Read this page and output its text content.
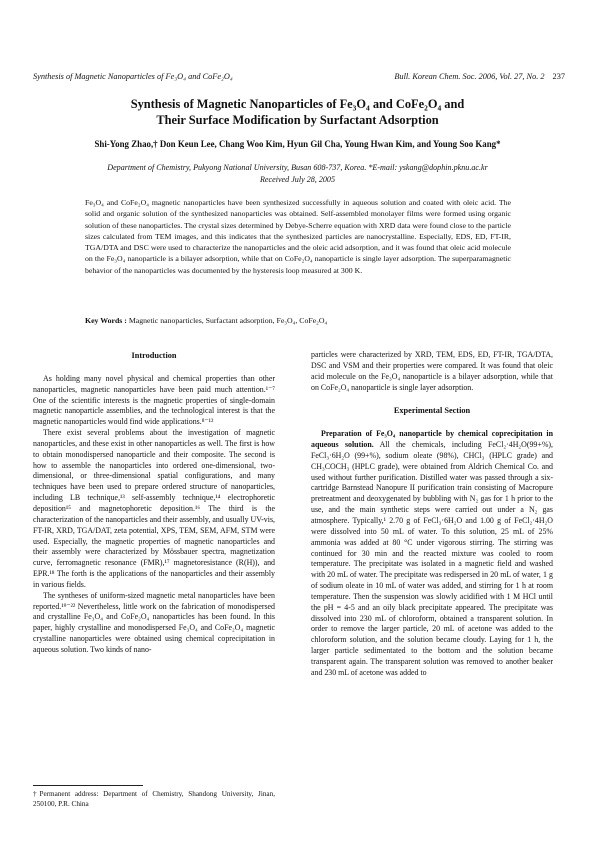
Synthesis of Magnetic Nanoparticles of Fe₃O₄ and CoFe₂O₄	Bull. Korean Chem. Soc. 2006, Vol. 27, No. 2 237
Synthesis of Magnetic Nanoparticles of Fe₃O₄ and CoFe₂O₄ and
Their Surface Modification by Surfactant Adsorption
Shi-Yong Zhao,† Don Keun Lee, Chang Woo Kim, Hyun Gil Cha, Young Hwan Kim, and Young Soo Kang*
Department of Chemistry, Pukyong National University, Busan 608-737, Korea. *E-mail: yskang@dophin.pknu.ac.kr
Received July 28, 2005
Fe₃O₄ and CoFe₂O₄ magnetic nanoparticles have been synthesized successfully in aqueous solution and coated with oleic acid. The solid and organic solution of the synthesized nanoparticles was obtained. Self-assembled monolayer films were formed using organic solution of these nanoparticles. The crystal sizes determined by Debye-Scherre equation with XRD data were found close to the particle sizes calculated from TEM images, and this indicates that the synthesized particles are nanocrystalline. Especially, EDS, ED, FT-IR, TGA/DTA and DSC were used to characterize the nanoparticles and the oleic acid adsorption, and it was found that oleic acid molecule on the Fe₃O₄ nanoparticle is a bilayer adsorption, while that on CoFe₂O₄ nanoparticle is single layer adsorption. The superparamagnetic behavior of the nanoparticles was documented by the hysteresis loop measured at 300 K.
Key Words : Magnetic nanoparticles, Surfactant adsorption, Fe₃O₄, CoFe₂O₄
Introduction

As holding many novel physical and chemical properties than other nanoparticles, magnetic nanoparticles have been paid much attention.¹⁻⁷ One of the scientific interests is the magnetic properties of single-domain magnetic nanoparticle assemblies, and the technological interest is that the magnetic nanoparticles would find wide applications.⁸⁻¹²

There exist several problems about the investigation of magnetic nanoparticles, and these exist in other nanoparticles as well. The first is how to obtain monodispersed nanoparticle and their composite. The second is how to assemble the nanoparticles into ordered one-dimensional, two-dimensional, or three-dimensional spatial configurations, and many techniques have been used to prepare ordered structure of nanoparticles, including LB technique,¹³ self-assembly technique,¹⁴ electrophoretic deposition¹⁵ and magnetophoretic deposition.¹⁶ The third is the characterization of the nanoparticles and their assembly, and usually UV-vis, FT-IR, XRD, TGA/DAT, zeta potential, XPS, TEM, SEM, AFM, STM were used. Especially, the magnetic properties of magnetic nanoparticles and their assembly were characterized by Mössbauer spectra, magnetization curve, ferromagnetic resonance (FMR),¹⁷ magnetoresistance (R(H)), and EPR.¹⁸ The forth is the applications of the nanoparticles and their assembly in various fields.

The syntheses of uniform-sized magnetic metal nanoparticles have been reported.¹⁹⁻²² Nevertheless, little work on the fabrication of monodispersed and crystalline Fe₃O₄ and CoFe₂O₄ nanoparticles has been found. In this paper, highly crystalline and monodispersed Fe₃O₄ and CoFe₂O₄ magnetic crystalline nanoparticles were obtained using chemical coprecipitation in aqueous solution. Two kinds of nano-

particles were characterized by XRD, TEM, EDS, ED, FT-IR, TGA/DTA, DSC and VSM and their properties were compared. It was found that oleic acid molecule on the Fe₃O₄ nanoparticle is a bilayer adsorption, while that on CoFe₂O₄ nanoparticle is single layer adsorption.

Experimental Section

Preparation of Fe₃O₄ nanoparticle by chemical coprecipitation in aqueous solution. All the chemicals, including FeCl₂·4H₂O(99+%), FeCl₃·6H₂O (99+%), sodium oleate (98%), CHCl₃ (HPLC grade) and CH₃COCH₃ (HPLC grade), were obtained from Aldrich Chemical Co. and used without further purification. Distilled water was passed through a six-cartridge Barnstead Nanopure II purification train consisting of Macropure pretreatment and deoxygenated by bubbling with N₂ gas for 1 h prior to the use, and the main synthetic steps were carried out under a N₂ gas atmosphere. Typically,¹ 2.70 g of FeCl₃·6H₂O and 1.00 g of FeCl₂·4H₂O were dissolved into 50 mL of water. To this solution, 25 mL of 25% ammonia was added at 80 °C under vigorous stirring. The stirring was continued for 30 min and the reacted mixture was cooled to room temperature. The precipitate was isolated in a magnetic field and washed with 20 mL of water. The precipitate was redispersed in 20 mL of water, 1 g of sodium oleate in 10 mL of water was added, and stirring for 1 h at room temperature. Then the suspension was slowly acidified with 1 M HCl until the pH = 4-5 and an oily black precipitate appeared. The precipitate was dissolved into 230 mL of chloroform, obtained a transparent solution. In order to remove the larger particle, 20 mL of acetone was added to the chloroform solution, and the solution became cloudy. Laying for 1 h, the larger particle sedimentated to the bottom and the solution became transparent again. The transparent solution was removed to another beaker and 230 mL of acetone was added to

†Permanent address: Department of Chemistry, Shandong University, Jinan, 250100, P.R. China
